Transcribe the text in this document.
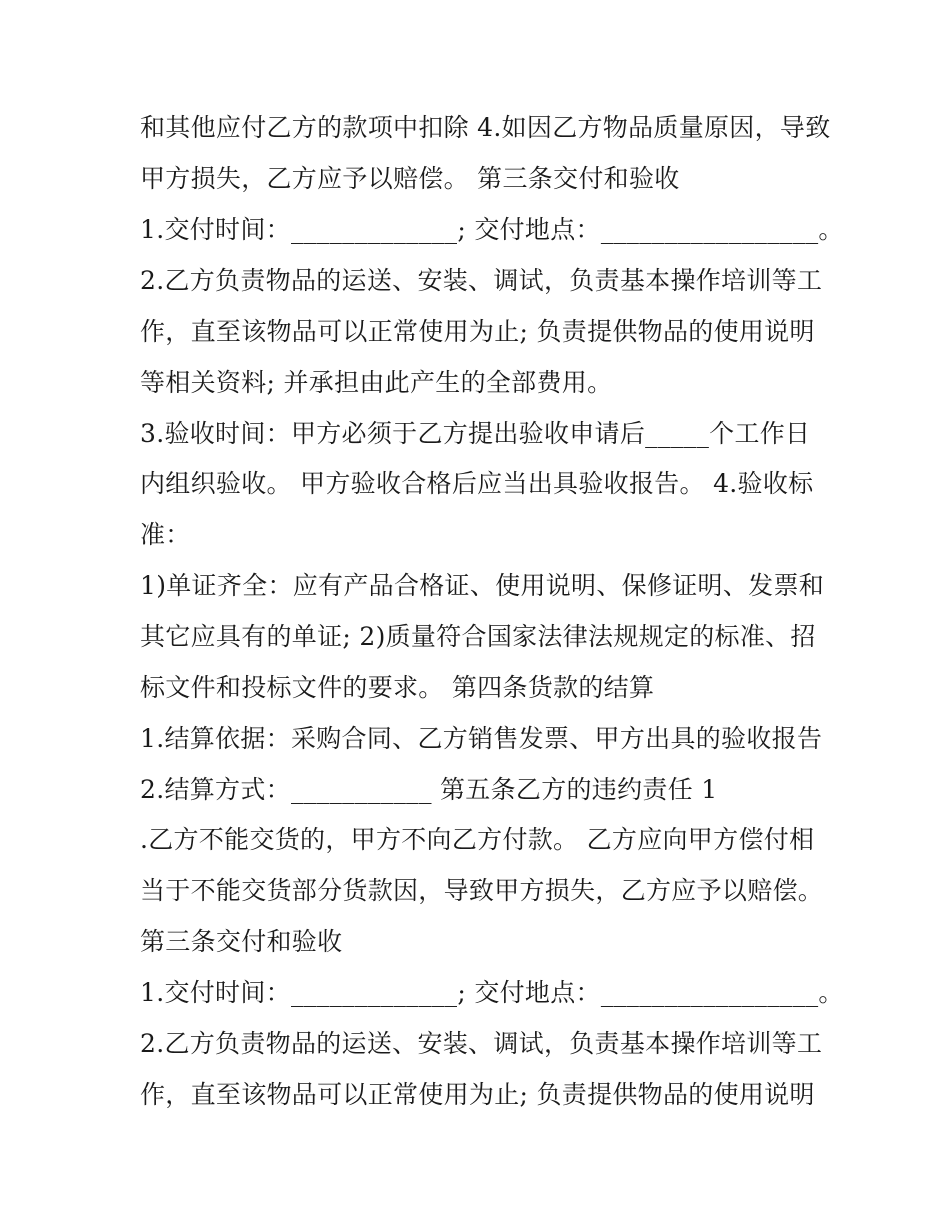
和其他应付乙方的款项中扣除 4.如因乙方物品质量原因，导致
甲方损失，乙方应予以赔偿。 第三条交付和验收
1.交付时间：_____________; 交付地点：_________________。
2.乙方负责物品的运送、安装、调试，负责基本操作培训等工
作，直至该物品可以正常使用为止; 负责提供物品的使用说明
等相关资料; 并承担由此产生的全部费用。
3.验收时间：甲方必须于乙方提出验收申请后_____个工作日
内组织验收。 甲方验收合格后应当出具验收报告。 4.验收标
准：
1)单证齐全：应有产品合格证、使用说明、保修证明、发票和
其它应具有的单证; 2)质量符合国家法律法规规定的标准、招
标文件和投标文件的要求。 第四条货款的结算
1.结算依据：采购合同、乙方销售发票、甲方出具的验收报告
2.结算方式：___________ 第五条乙方的违约责任 1
.乙方不能交货的，甲方不向乙方付款。 乙方应向甲方偿付相
当于不能交货部分货款因，导致甲方损失，乙方应予以赔偿。
第三条交付和验收
1.交付时间：_____________; 交付地点：_________________。
2.乙方负责物品的运送、安装、调试，负责基本操作培训等工
作，直至该物品可以正常使用为止; 负责提供物品的使用说明
